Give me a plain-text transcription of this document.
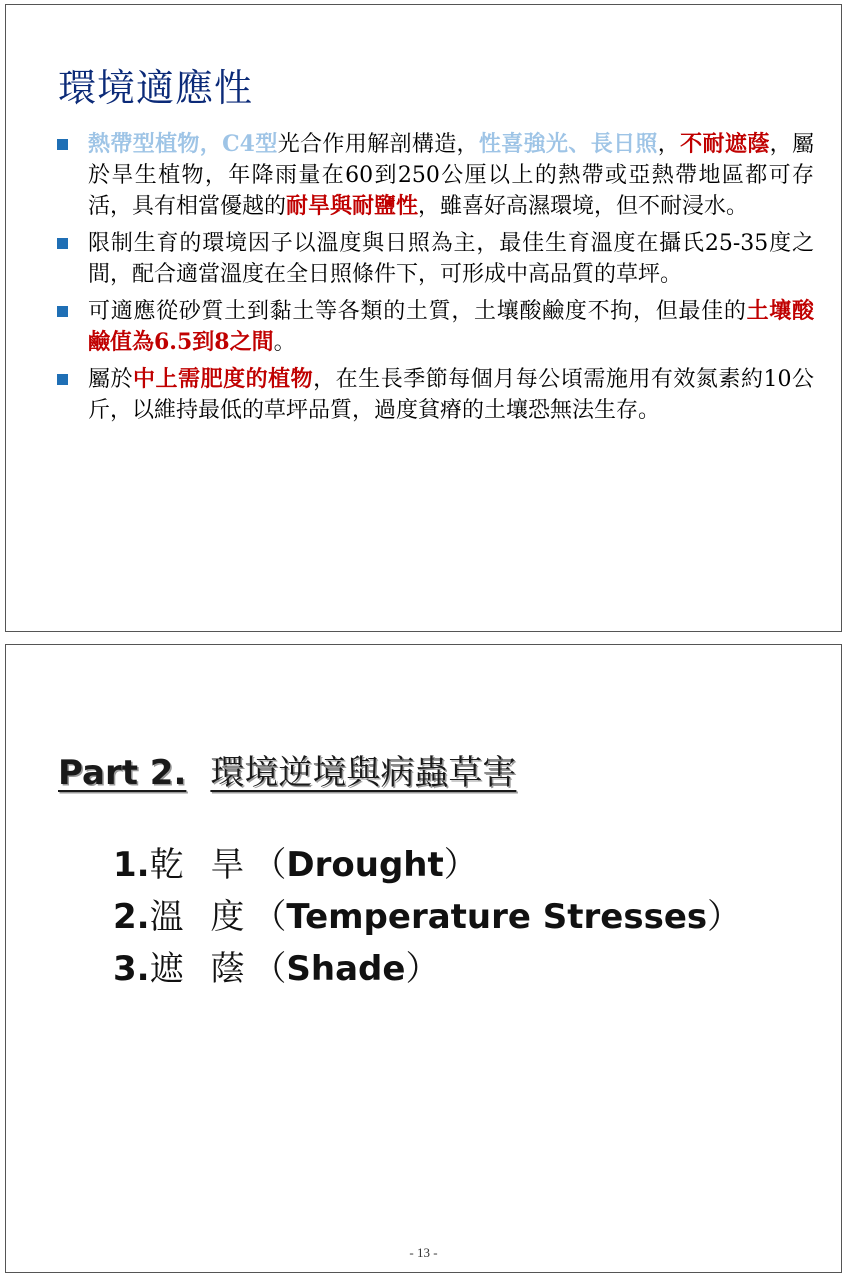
環境適應性
熱帶型植物，C4型光合作用解剖構造，性喜強光、長日照，不耐遮蔭，屬於旱生植物，年降雨量在60到250公厘以上的熱帶或亞熱帶地區都可存活，具有相當優越的耐旱與耐鹽性，雖喜好高濕環境，但不耐浸水。
限制生育的環境因子以溫度與日照為主，最佳生育溫度在攝氏25-35度之間，配合適當溫度在全日照條件下，可形成中高品質的草坪。
可適應從砂質土到黏土等各類的土質，土壤酸鹼度不拘，但最佳的土壤酸鹼值為6.5到8之間。
屬於中上需肥度的植物，在生長季節每個月每公頃需施用有效氮素約10公斤，以維持最低的草坪品質，過度貧瘠的土壤恐無法生存。
Part 2. 環境逆境與病蟲草害
1.乾 旱（Drought）
2.溫 度（Temperature Stresses）
3.遮 蔭（Shade）
- 13 -
